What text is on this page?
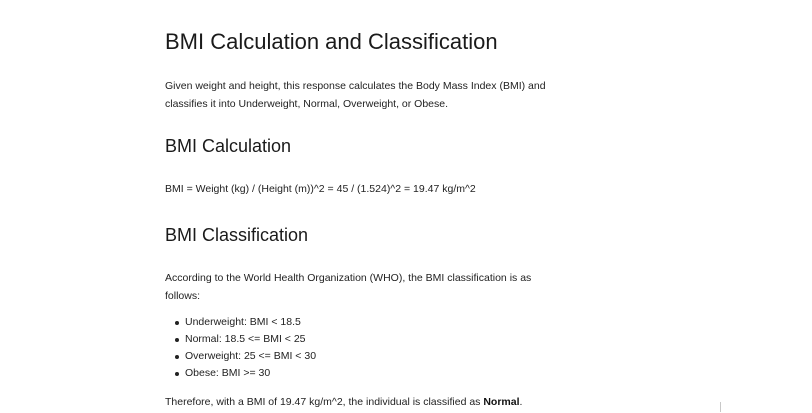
BMI Calculation and Classification

Given weight and height, this response calculates the Body Mass Index (BMI) and classifies it into Underweight, Normal, Overweight, or Obese.

BMI Calculation

BMI = Weight (kg) / (Height (m))^2 = 45 / (1.524)^2 = 19.47 kg/m^2

BMI Classification

According to the World Health Organization (WHO), the BMI classification is as follows:

Underweight: BMI < 18.5
Normal: 18.5 <= BMI < 25
Overweight: 25 <= BMI < 30
Obese: BMI >= 30

Therefore, with a BMI of 19.47 kg/m^2, the individual is classified as Normal.
